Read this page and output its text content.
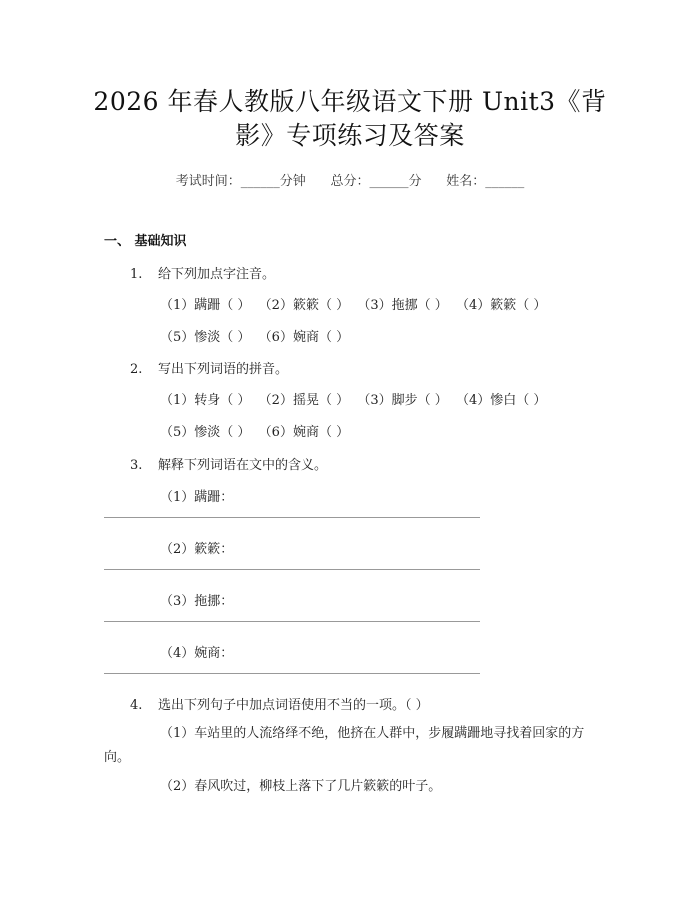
2026 年春人教版八年级语文下册 Unit3《背
影》专项练习及答案
考试时间：______分钟      总分：______分      姓名：______
一、 基础知识
1. 给下列加点字注音。
（1）蹒跚（ ） （2）簌簌（ ） （3）拖挪（ ） （4）簌簌（ ）
（5）惨淡（ ） （6）婉商（ ）
2. 写出下列词语的拼音。
（1）转身（ ） （2）摇晃（ ） （3）脚步（ ） （4）惨白（ ）
（5）惨淡（ ） （6）婉商（ ）
3. 解释下列词语在文中的含义。
（1）蹒跚：
（2）簌簌：
（3）拖挪：
（4）婉商：
4. 选出下列句子中加点词语使用不当的一项。（ ）
（1）车站里的人流络绎不绝，他挤在人群中，步履蹒跚地寻找着回家的方向。
（2）春风吹过，柳枝上落下了几片簌簌的叶子。
